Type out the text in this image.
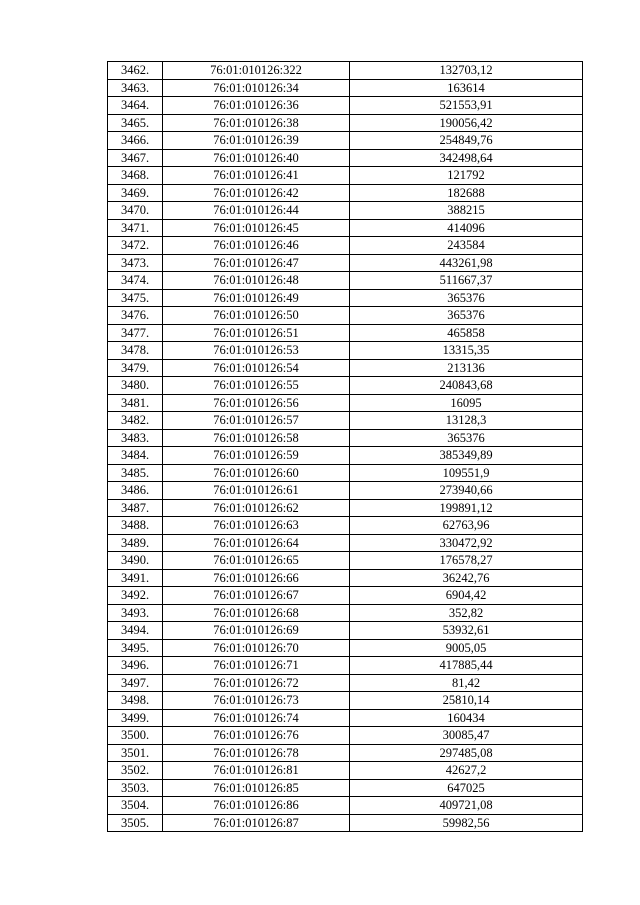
3462.	76:01:010126:322	132703,12
3463.	76:01:010126:34	163614
3464.	76:01:010126:36	521553,91
3465.	76:01:010126:38	190056,42
3466.	76:01:010126:39	254849,76
3467.	76:01:010126:40	342498,64
3468.	76:01:010126:41	121792
3469.	76:01:010126:42	182688
3470.	76:01:010126:44	388215
3471.	76:01:010126:45	414096
3472.	76:01:010126:46	243584
3473.	76:01:010126:47	443261,98
3474.	76:01:010126:48	511667,37
3475.	76:01:010126:49	365376
3476.	76:01:010126:50	365376
3477.	76:01:010126:51	465858
3478.	76:01:010126:53	13315,35
3479.	76:01:010126:54	213136
3480.	76:01:010126:55	240843,68
3481.	76:01:010126:56	16095
3482.	76:01:010126:57	13128,3
3483.	76:01:010126:58	365376
3484.	76:01:010126:59	385349,89
3485.	76:01:010126:60	109551,9
3486.	76:01:010126:61	273940,66
3487.	76:01:010126:62	199891,12
3488.	76:01:010126:63	62763,96
3489.	76:01:010126:64	330472,92
3490.	76:01:010126:65	176578,27
3491.	76:01:010126:66	36242,76
3492.	76:01:010126:67	6904,42
3493.	76:01:010126:68	352,82
3494.	76:01:010126:69	53932,61
3495.	76:01:010126:70	9005,05
3496.	76:01:010126:71	417885,44
3497.	76:01:010126:72	81,42
3498.	76:01:010126:73	25810,14
3499.	76:01:010126:74	160434
3500.	76:01:010126:76	30085,47
3501.	76:01:010126:78	297485,08
3502.	76:01:010126:81	42627,2
3503.	76:01:010126:85	647025
3504.	76:01:010126:86	409721,08
3505.	76:01:010126:87	59982,56
